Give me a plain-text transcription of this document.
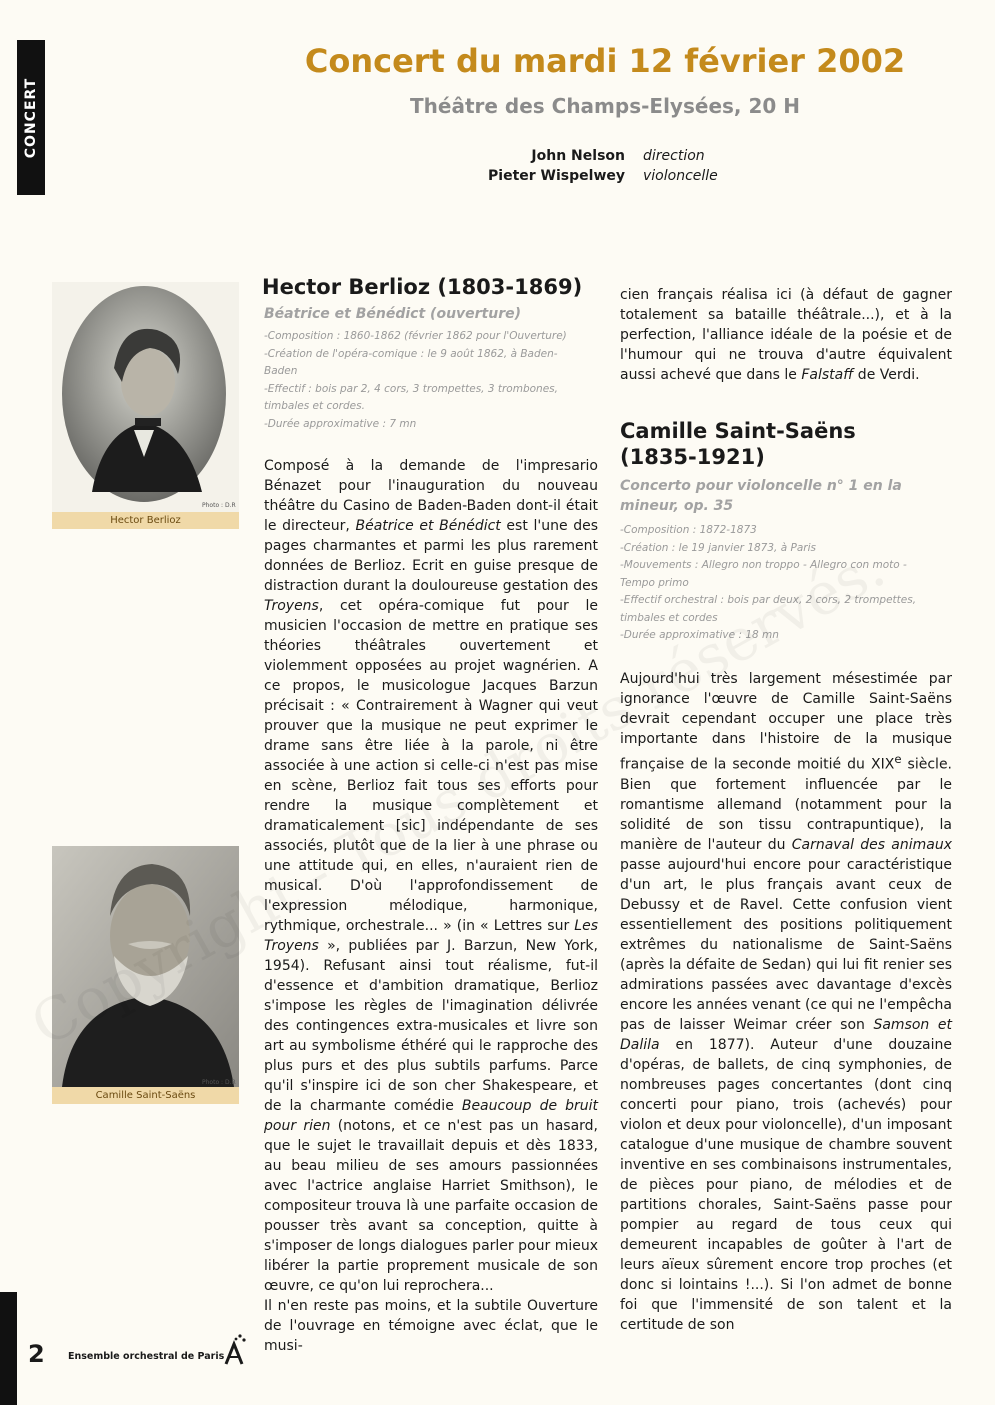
CONCERT
Concert du mardi 12 février 2002
Théâtre des Champs-Elysées, 20 H
John Nelson
Pieter Wispelwey
direction
violoncelle
Photo : D.R
Hector Berlioz
Photo : D.R
Camille Saint-Saëns
Hector Berlioz (1803-1869)
Béatrice et Bénédict (ouverture)
-Composition : 1860-1862 (février 1862 pour l'Ouverture)
-Création de l'opéra-comique : le 9 août 1862, à Baden-
Baden
-Effectif : bois par 2, 4 cors, 3 trompettes, 3 trombones,
timbales et cordes.
-Durée approximative : 7 mn

Composé à la demande de l'impresario Bénazet pour l'inauguration du nouveau théâtre du Casino de Baden-Baden dont-il était le directeur, Béatrice et Bénédict est l'une des pages charmantes et parmi les plus rarement données de Berlioz. Ecrit en guise presque de distraction durant la douloureuse gestation des Troyens, cet opéra-comique fut pour le musicien l'occasion de mettre en pratique ses théories théâtrales ouvertement et violemment opposées au projet wagnérien. A ce propos, le musicologue Jacques Barzun précisait : « Contrairement à Wagner qui veut prouver que la musique ne peut exprimer le drame sans être liée à la parole, ni être associée à une action si celle-ci n'est pas mise en scène, Berlioz fait tous ses efforts pour rendre la musique complètement et dramaticalement [sic] indépendante de ses associés, plutôt que de la lier à une phrase ou une attitude qui, en elles, n'auraient rien de musical. D'où l'approfondissement de l'expression mélodique, harmonique, rythmique, orchestrale... » (in « Lettres sur Les Troyens », publiées par J. Barzun, New York, 1954). Refusant ainsi tout réalisme, fut-il d'essence et d'ambition dramatique, Berlioz s'impose les règles de l'imagination délivrée des contingences extra-musicales et livre son art au symbolisme éthéré qui le rapproche des plus purs et des plus subtils parfums. Parce qu'il s'inspire ici de son cher Shakespeare, et de la charmante comédie Beaucoup de bruit pour rien (notons, et ce n'est pas un hasard, que le sujet le travaillait depuis et dès 1833, au beau milieu de ses amours passionnées avec l'actrice anglaise Harriet Smithson), le compositeur trouva là une parfaite occasion de pousser très avant sa conception, quitte à s'imposer de longs dialogues parler pour mieux libérer la partie proprement musicale de son œuvre, ce qu'on lui reprochera...

Il n'en reste pas moins, et la subtile Ouverture de l'ouvrage en témoigne avec éclat, que le musi-

cien français réalisa ici (à défaut de gagner totalement sa bataille théâtrale...), et à la perfection, l'alliance idéale de la poésie et de l'humour qui ne trouva d'autre équivalent aussi achevé que dans le Falstaff de Verdi.

Camille Saint-Saëns
(1835-1921)
Concerto pour violoncelle n° 1 en la
mineur, op. 35
-Composition : 1872-1873
-Création : le 19 janvier 1873, à Paris
-Mouvements : Allegro non troppo - Allegro con moto -
Tempo primo
-Effectif orchestral : bois par deux, 2 cors, 2 trompettes,
timbales et cordes
-Durée approximative : 18 mn

Aujourd'hui très largement mésestimée par ignorance l'œuvre de Camille Saint-Saëns devrait cependant occuper une place très importante dans l'histoire de la musique française de la seconde moitié du XIXe siècle. Bien que fortement influencée par le romantisme allemand (notamment pour la solidité de son tissu contrapuntique), la manière de l'auteur du Carnaval des animaux passe aujourd'hui encore pour caractéristique d'un art, le plus français avant ceux de Debussy et de Ravel. Cette confusion vient essentiellement des positions politiquement extrêmes du nationalisme de Saint-Saëns (après la défaite de Sedan) qui lui fit renier ses admirations passées avec davantage d'excès encore les années venant (ce qui ne l'empêcha pas de laisser Weimar créer son Samson et Dalila en 1877). Auteur d'une douzaine d'opéras, de ballets, de cinq symphonies, de nombreuses pages concertantes (dont cinq concerti pour piano, trois (achevés) pour violon et deux pour violoncelle), d'un imposant catalogue d'une musique de chambre souvent inventive en ses combinaisons instrumentales, de pièces pour piano, de mélodies et de partitions chorales, Saint-Saëns passe pour pompier au regard de tous ceux qui demeurent incapables de goûter à l'art de leurs aïeux sûrement encore trop proches (et donc si lointains !...). Si l'on admet de bonne foi que l'immensité de son talent et la certitude de son

2 Ensemble orchestral de Paris
